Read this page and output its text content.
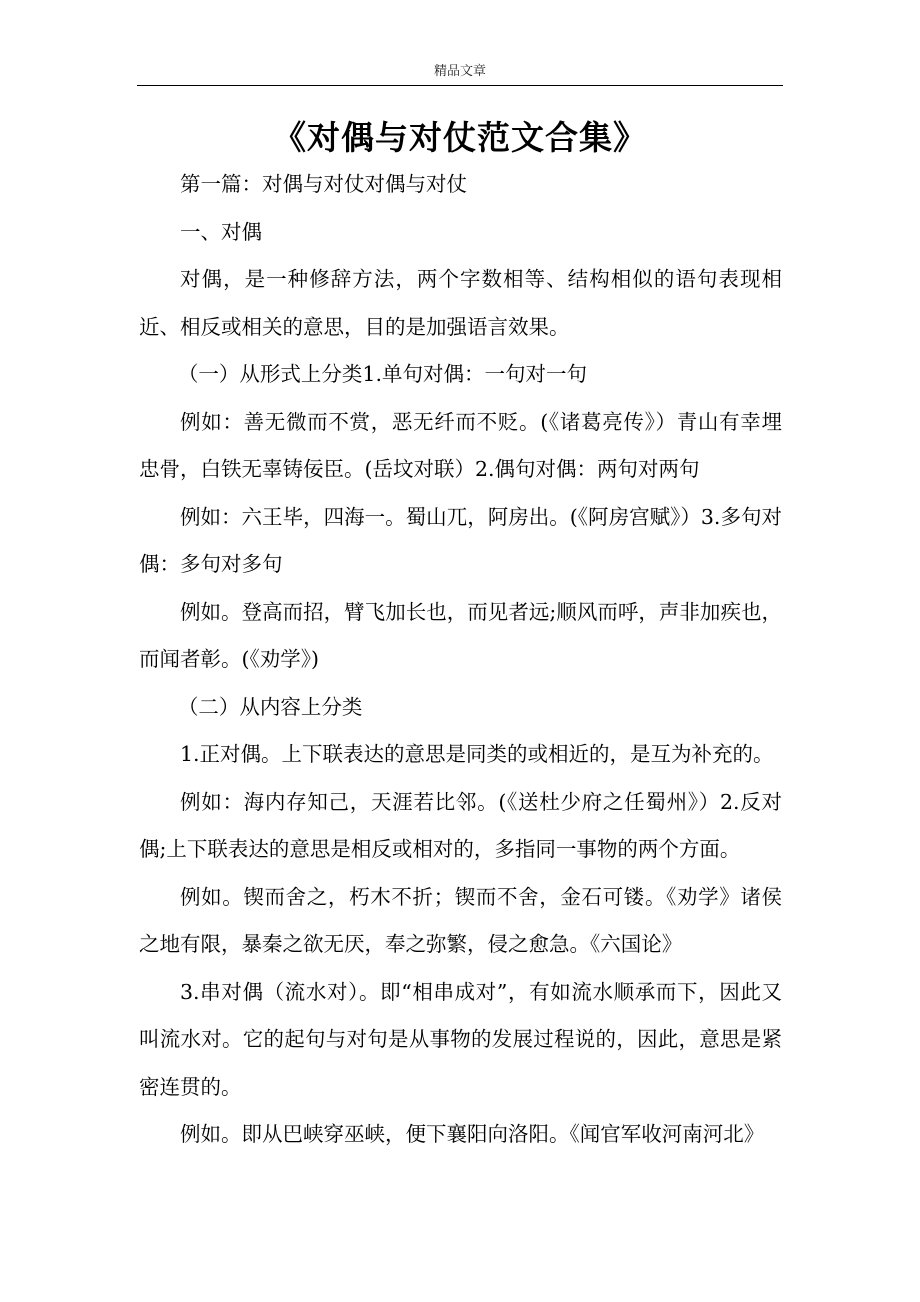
精品文章
《对偶与对仗范文合集》

第一篇：对偶与对仗对偶与对仗

一、对偶

对偶，是一种修辞方法，两个字数相等、结构相似的语句表现相近、相反或相关的意思，目的是加强语言效果。

（一）从形式上分类1.单句对偶：一句对一句

例如：善无微而不赏，恶无纤而不贬。(《诸葛亮传》）青山有幸埋忠骨，白铁无辜铸佞臣。(岳坟对联）2.偶句对偶：两句对两句

例如：六王毕，四海一。蜀山兀，阿房出。(《阿房宫赋》）3.多句对偶：多句对多句

例如。登高而招，臂飞加长也，而见者远;顺风而呼，声非加疾也，而闻者彰。(《劝学》)

（二）从内容上分类

1.正对偶。上下联表达的意思是同类的或相近的，是互为补充的。

例如：海内存知己，天涯若比邻。(《送杜少府之任蜀州》）2.反对偶;上下联表达的意思是相反或相对的，多指同一事物的两个方面。

例如。锲而舍之，朽木不折；锲而不舍，金石可镂。《劝学》诸侯之地有限，暴秦之欲无厌，奉之弥繁，侵之愈急。《六国论》

3.串对偶（流水对）。即“相串成对”，有如流水顺承而下，因此又叫流水对。它的起句与对句是从事物的发展过程说的，因此，意思是紧密连贯的。

例如。即从巴峡穿巫峡，便下襄阳向洛阳。《闻官军收河南河北》
